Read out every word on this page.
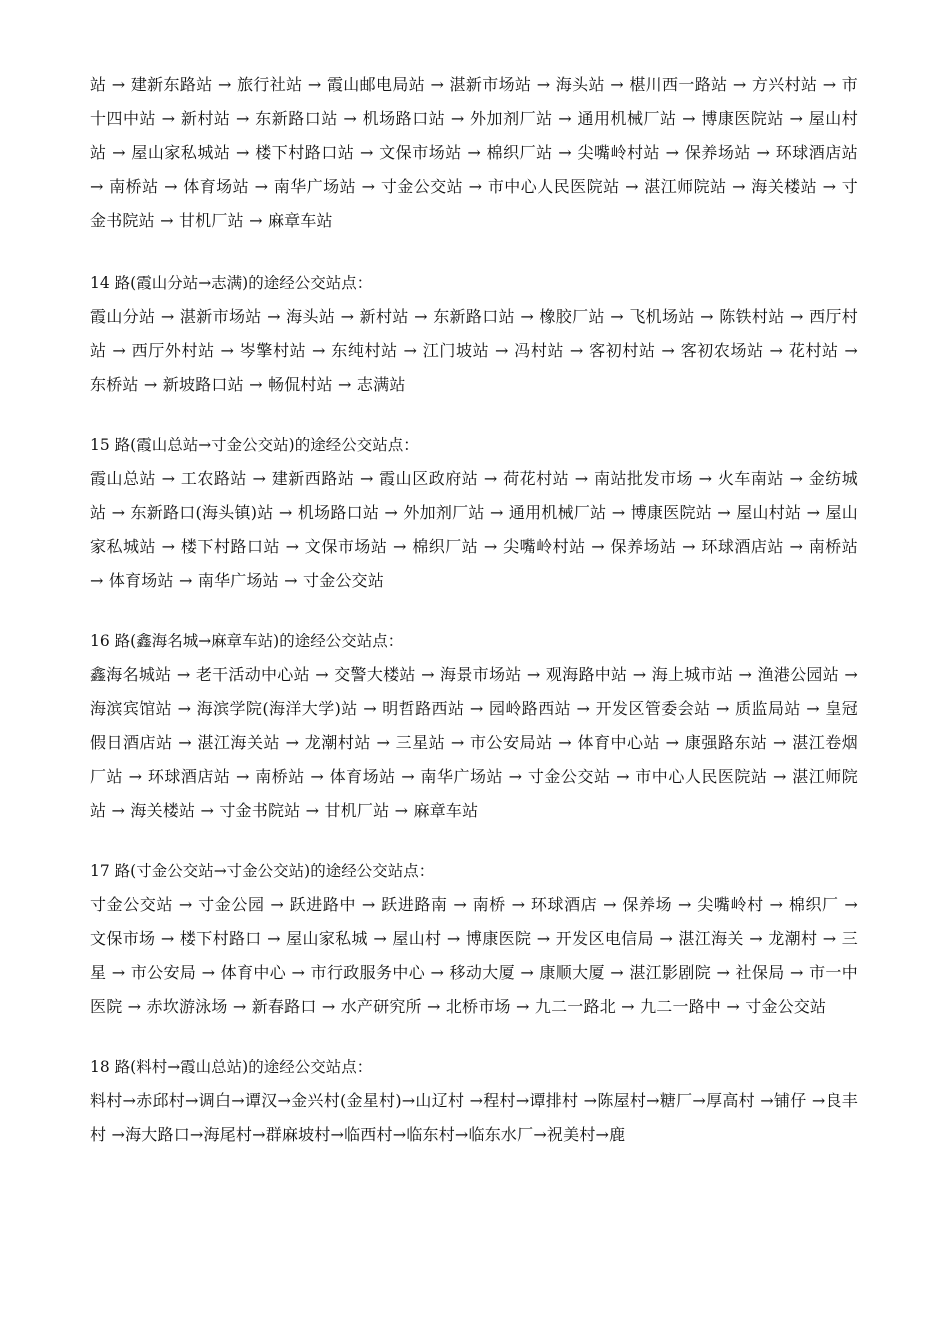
站 → 建新东路站 → 旅行社站 → 霞山邮电局站 → 湛新市场站 → 海头站 → 椹川西一路站 → 方兴村站 → 市十四中站 → 新村站 → 东新路口站 → 机场路口站 → 外加剂厂站 → 通用机械厂站 → 博康医院站 → 屋山村站 → 屋山家私城站 → 楼下村路口站 → 文保市场站 → 棉织厂站 → 尖嘴岭村站 → 保养场站 → 环球酒店站 → 南桥站 → 体育场站 → 南华广场站 → 寸金公交站 → 市中心人民医院站 → 湛江师院站 → 海关楼站 → 寸金书院站 → 甘机厂站 → 麻章车站
14 路(霞山分站→志满)的途经公交站点：
霞山分站 → 湛新市场站 → 海头站 → 新村站 → 东新路口站 → 橡胶厂站 → 飞机场站 → 陈铁村站 → 西厅村站 → 西厅外村站 → 岑擎村站 → 东纯村站 → 江门坡站 → 冯村站 → 客初村站 → 客初农场站 → 花村站 → 东桥站 → 新坡路口站 → 畅侃村站 → 志满站
15 路(霞山总站→寸金公交站)的途经公交站点：
霞山总站 → 工农路站 → 建新西路站 → 霞山区政府站 → 荷花村站 → 南站批发市场 → 火车南站 → 金纺城站 → 东新路口(海头镇)站 → 机场路口站 → 外加剂厂站 → 通用机械厂站 → 博康医院站 → 屋山村站 → 屋山家私城站 → 楼下村路口站 → 文保市场站 → 棉织厂站 → 尖嘴岭村站 → 保养场站 → 环球酒店站 → 南桥站 → 体育场站 → 南华广场站 → 寸金公交站
16 路(鑫海名城→麻章车站)的途经公交站点：
鑫海名城站 → 老干活动中心站 → 交警大楼站 → 海景市场站 → 观海路中站 → 海上城市站 → 渔港公园站 → 海滨宾馆站 → 海滨学院(海洋大学)站 → 明哲路西站 → 园岭路西站 → 开发区管委会站 → 质监局站 → 皇冠假日酒店站 → 湛江海关站 → 龙潮村站 → 三星站 → 市公安局站 → 体育中心站 → 康强路东站 → 湛江卷烟厂站 → 环球酒店站 → 南桥站 → 体育场站 → 南华广场站 → 寸金公交站 → 市中心人民医院站 → 湛江师院站 → 海关楼站 → 寸金书院站 → 甘机厂站 → 麻章车站
17 路(寸金公交站→寸金公交站)的途经公交站点：
寸金公交站 → 寸金公园 → 跃进路中 → 跃进路南 → 南桥 → 环球酒店 → 保养场 → 尖嘴岭村 → 棉织厂 → 文保市场 → 楼下村路口 → 屋山家私城 → 屋山村 → 博康医院 → 开发区电信局 → 湛江海关 → 龙潮村 → 三星 → 市公安局 → 体育中心 → 市行政服务中心 → 移动大厦 → 康顺大厦 → 湛江影剧院 → 社保局 → 市一中医院 → 赤坎游泳场 → 新春路口 → 水产研究所 → 北桥市场 → 九二一路北 → 九二一路中 → 寸金公交站
18 路(料村→霞山总站)的途经公交站点：
料村→赤邱村→调白→谭汉→金兴村(金星村)→山辽村 →程村→谭排村 →陈屋村→糖厂→厚高村 →铺仔 →良丰村 →海大路口→海尾村→群麻坡村→临西村→临东村→临东水厂→祝美村→鹿
